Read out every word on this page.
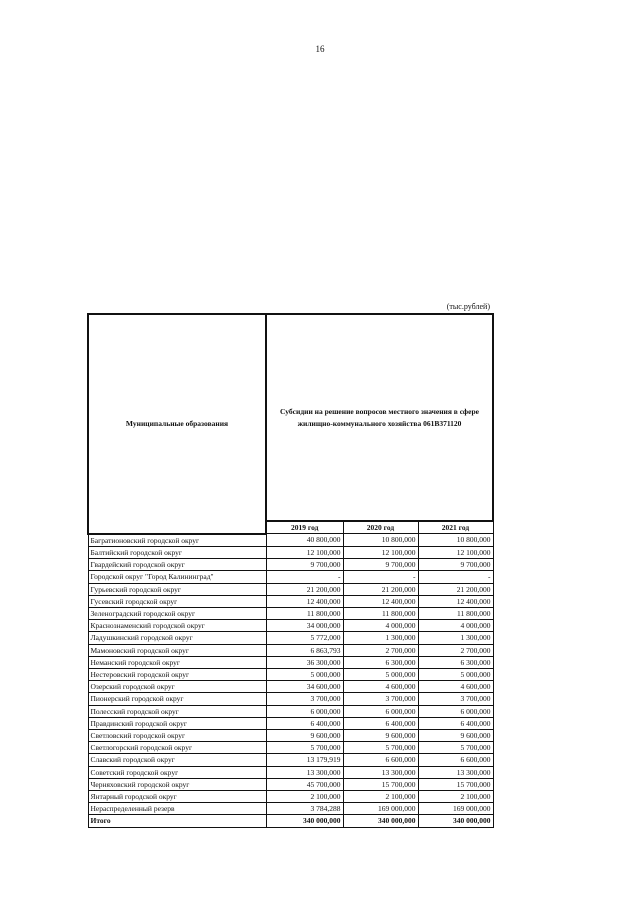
16
(тыс.рублей)
Муниципальные образования	Субсидии на решение вопросов местного значения в сфере жилищно-коммунального хозяйства 061В371120		
	2019 год	2020 год	2021 год
Багратионовский городской округ	40 800,000	10 800,000	10 800,000
Балтийский городской округ	12 100,000	12 100,000	12 100,000
Гвардейский городской округ	9 700,000	9 700,000	9 700,000
Городской округ "Город Калининград"	-	-	-
Гурьевский городской округ	21 200,000	21 200,000	21 200,000
Гусевский городской округ	12 400,000	12 400,000	12 400,000
Зеленоградский городской округ	11 800,000	11 800,000	11 800,000
Краснознаменский городской округ	34 000,000	4 000,000	4 000,000
Ладушкинский городской округ	5 772,000	1 300,000	1 300,000
Мамоновский городской округ	6 863,793	2 700,000	2 700,000
Неманский городской округ	36 300,000	6 300,000	6 300,000
Нестеровский городской округ	5 000,000	5 000,000	5 000,000
Озерский городской округ	34 600,000	4 600,000	4 600,000
Пионерский городской округ	3 700,000	3 700,000	3 700,000
Полесский городской округ	6 000,000	6 000,000	6 000,000
Правдинский городской округ	6 400,000	6 400,000	6 400,000
Светловский городской округ	9 600,000	9 600,000	9 600,000
Светлогорский городской округ	5 700,000	5 700,000	5 700,000
Славский городской округ	13 179,919	6 600,000	6 600,000
Советский городской округ	13 300,000	13 300,000	13 300,000
Черняховский городской округ	45 700,000	15 700,000	15 700,000
Янтарный городской округ	2 100,000	2 100,000	2 100,000
Нераспределенный резерв	3 784,288	169 000,000	169 000,000
Итого	340 000,000	340 000,000	340 000,000
